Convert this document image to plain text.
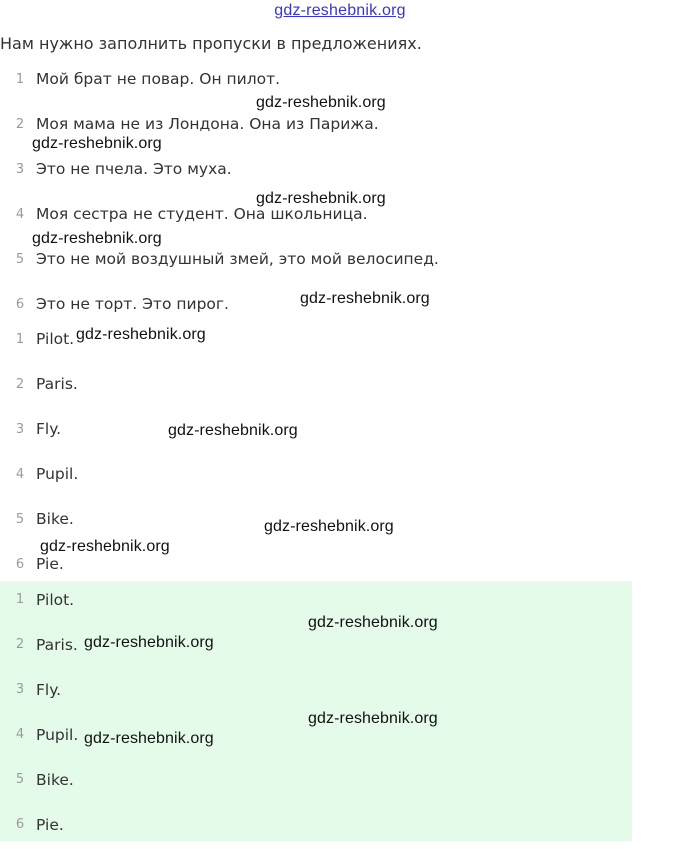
gdz-reshebnik.org
Нам нужно заполнить пропуски в предложениях.
1 Мой брат не повар. Он пилот.
2 Моя мама не из Лондона. Она из Парижа.
3 Это не пчела. Это муха.
4 Моя сестра не студент. Она школьница.
5 Это не мой воздушный змей, это мой велосипед.
6 Это не торт. Это пирог.
1 Pilot.
2 Paris.
3 Fly.
4 Pupil.
5 Bike.
6 Pie.
1 Pilot.
2 Paris.
3 Fly.
4 Pupil.
5 Bike.
6 Pie.
gdz-reshebnik.org
gdz-reshebnik.org
gdz-reshebnik.org
gdz-reshebnik.org
gdz-reshebnik.org
gdz-reshebnik.org
gdz-reshebnik.org
gdz-reshebnik.org
gdz-reshebnik.org
gdz-reshebnik.org
gdz-reshebnik.org
gdz-reshebnik.org
gdz-reshebnik.org
